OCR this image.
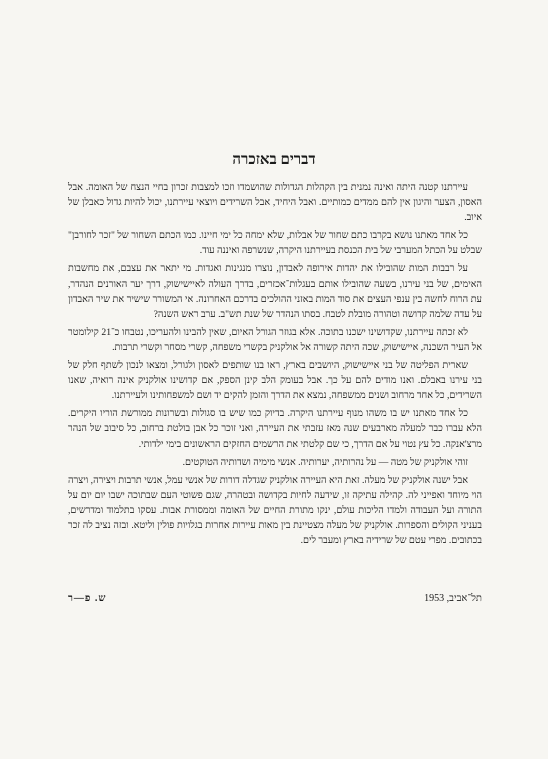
דברים באזכרה

עיירתנו קטנה היתה ואינה נמנית בין הקהלות הגדולות שהושמדו וזכו למצבות זכרון בחיי הנצח של האומה. אבל האסון, הצער והיגון אין להם ממדים כמותיים. ואבל היחיד, אבל השרידים ויוצאי עיירתנו, יכול להיות גדול כאבלן של איוב.

כל אחד מאתנו נושא בקרבו כתם שחור של אבלות, שלא ימחה כל ימי חיינו. כמו הכתם השחור של "זכר לחורבן" שבלט על הכתל המערבי של בית הכנסת בעיירתנו היקרה, שנשרפה ואיננה עוד.

על רבבות המות שהובילו את יהדות אירופה לאבדון, נוצרו מנגינות ואגדות. מי יתאר את עצבם, את מחשבות האימים, של בני עירנו, בשעה שהובילו אותם בעגלות־אכזרים, בדרך העולה לאיישישוק, דרך יער האורנים הנהדר, עת הרוח לחשה בין ענפי העצים את סוד המות באזני ההולכים בדרכם האחרונה. אי המשורר שישיר את שיר האבדון על עדה שלמה קדושה וטהורה מובלת לטבח. בסתו הנהדר של שנת תש"ב. ערב ראש השנה?

לא זכתה עיירתנו, שקדושינו ישכנו בתוכה. אלא בגוזר הגורל האיום, שאין להבינו ולהעריכו, נטבחו כ־21 קילומטר אל העיר השכנה, איישישוק, שכה היתה קשורה אל אולקניק בקשרי משפחה, קשרי מסחר וקשרי תרבות.

שארית הפליטה של בני איישישוק, היושבים בארץ, ראו בנו שותפים לאסון ולגורל, ומצאו לנכון לשתף חלק של בני עירנו באבלם. ואנו מודים להם על כך. אבל בעומק הלב קינן הספק, אם קדושינו אולקניק אינה רואיה, שאנו השרידים, כל אחד מרחוב ושנים ממשפחה, נמצא את הדרך והזמן להקים יד ושם למשפחותינו ולעיירתנו.

כל אחד מאתנו יש בו משהו מנוף עיירתנו היקרה. בדיוק כמו שיש בו סגולות ובשרונות ממורשת הוריו היקרים. הלא עברו כבר למעלה מארבעים שנה מאז עזבתי את העיירה, ואני זוכר כל אבן בולטת ברחוב, כל סיבוב של הנהר מרצ'אנקה. כל עץ נטוי על אם הדרך, כי שם קלטתי את הרשמים החזקים הראשונים בימי ילדותי.

זוהי אולקניק של מטה — על נהרותיה, יערותיה. אנשי מימיה ושדותיה הטוקטים.

אבל ישנה אולקניק של מעלה. זאת היא העיירה אולקניק שגדלה דורות של אנשי עמל, אנשי תרבות ויצירה, ויצרה הוי מיוחד ואפייני לה. קהילה עתיקה זו, שידעה לחיות בקדושה ובטהרה, שגם פשוטי העם שבתוכה ישבו יום יום על התורה ועל העבודה ולמדו הליכות עולם, ינקו מתורת החיים של האומה וממסורת אבות. עסקו בתלמוד ומדרשים, בעניני הקולים והספרות. אולקניק של מעלה מצטיינת בין מאות עיירות אחרות בגלויות פולין וליטא. ובזה נציב לה זכר בכתובים. מפרי עטם של שרידיה בארץ ומעבר לים.

תל־אביב, 1953
ש. פ—ר
